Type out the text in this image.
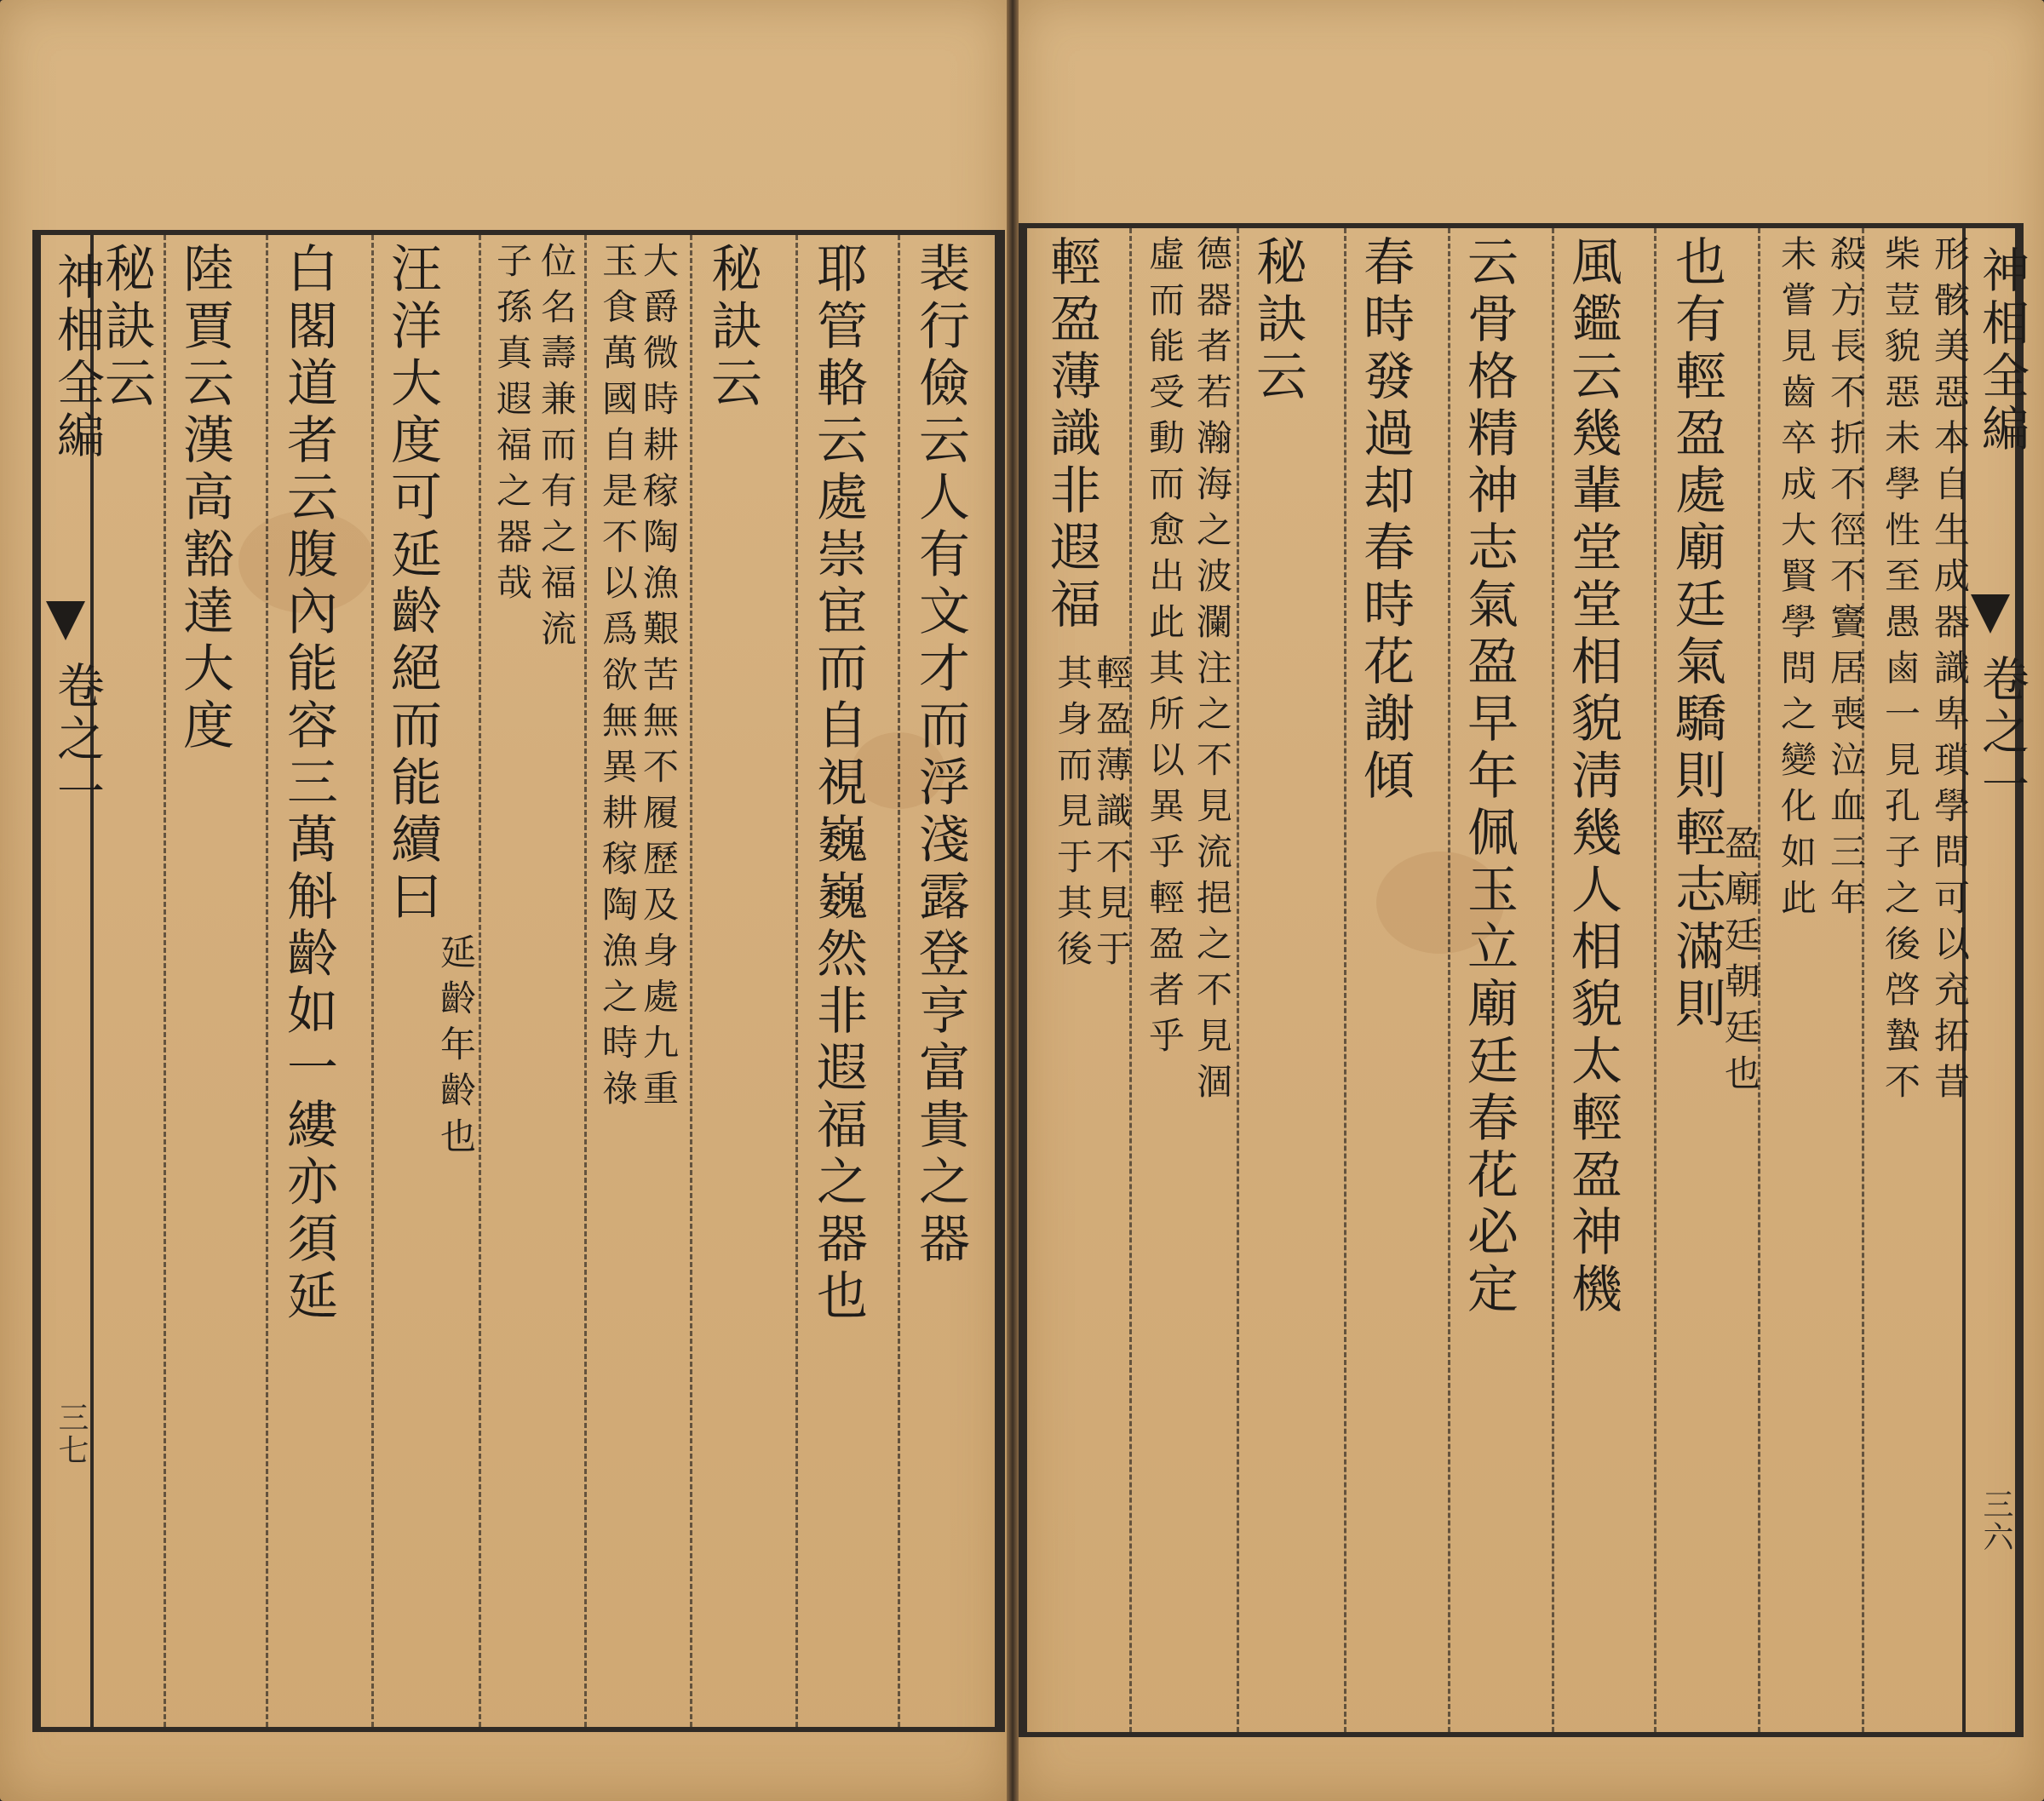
神相全編
卷之一
三七
裴行儉云人有文才而浮淺露登亨富貴之器
耶管輅云處崇宦而自視巍巍然非遐福之器也
秘訣云
大爵微時耕稼陶漁艱苦無不履歷及身處九重
玉食萬國自是不以爲欲無異耕稼陶漁之時祿
位名壽兼而有之福流
子孫真遐福之器哉
汪洋大度可延齡絕而能續曰
延齡年齡也
白閣道者云腹內能容三萬斛齡如一縷亦須延
陸賈云漢高豁達大度
秘訣云	神相全編
卷之一
三六
形骸美惡本自生成器識卑瑣學問可以充拓昔
柴荳貌惡未學性至愚鹵一見孔子之後啓蟄不
殺方長不折不徑不竇居喪泣血三年
未嘗見齒卒成大賢學問之變化如此
也有輕盈處廟廷氣驕則輕志滿則
盈廟廷朝廷也
風鑑云幾輩堂堂相貌淸幾人相貌太輕盈神機
云骨格精神志氣盈早年佩玉立廟廷春花必定
春時發過却春時花謝傾
秘訣云
德器者若瀚海之波瀾注之不見流挹之不見涸
虛而能受動而愈出此其所以異乎輕盈者乎
輕盈薄識非遐福
輕盈薄識不見于
其身而見于其後
